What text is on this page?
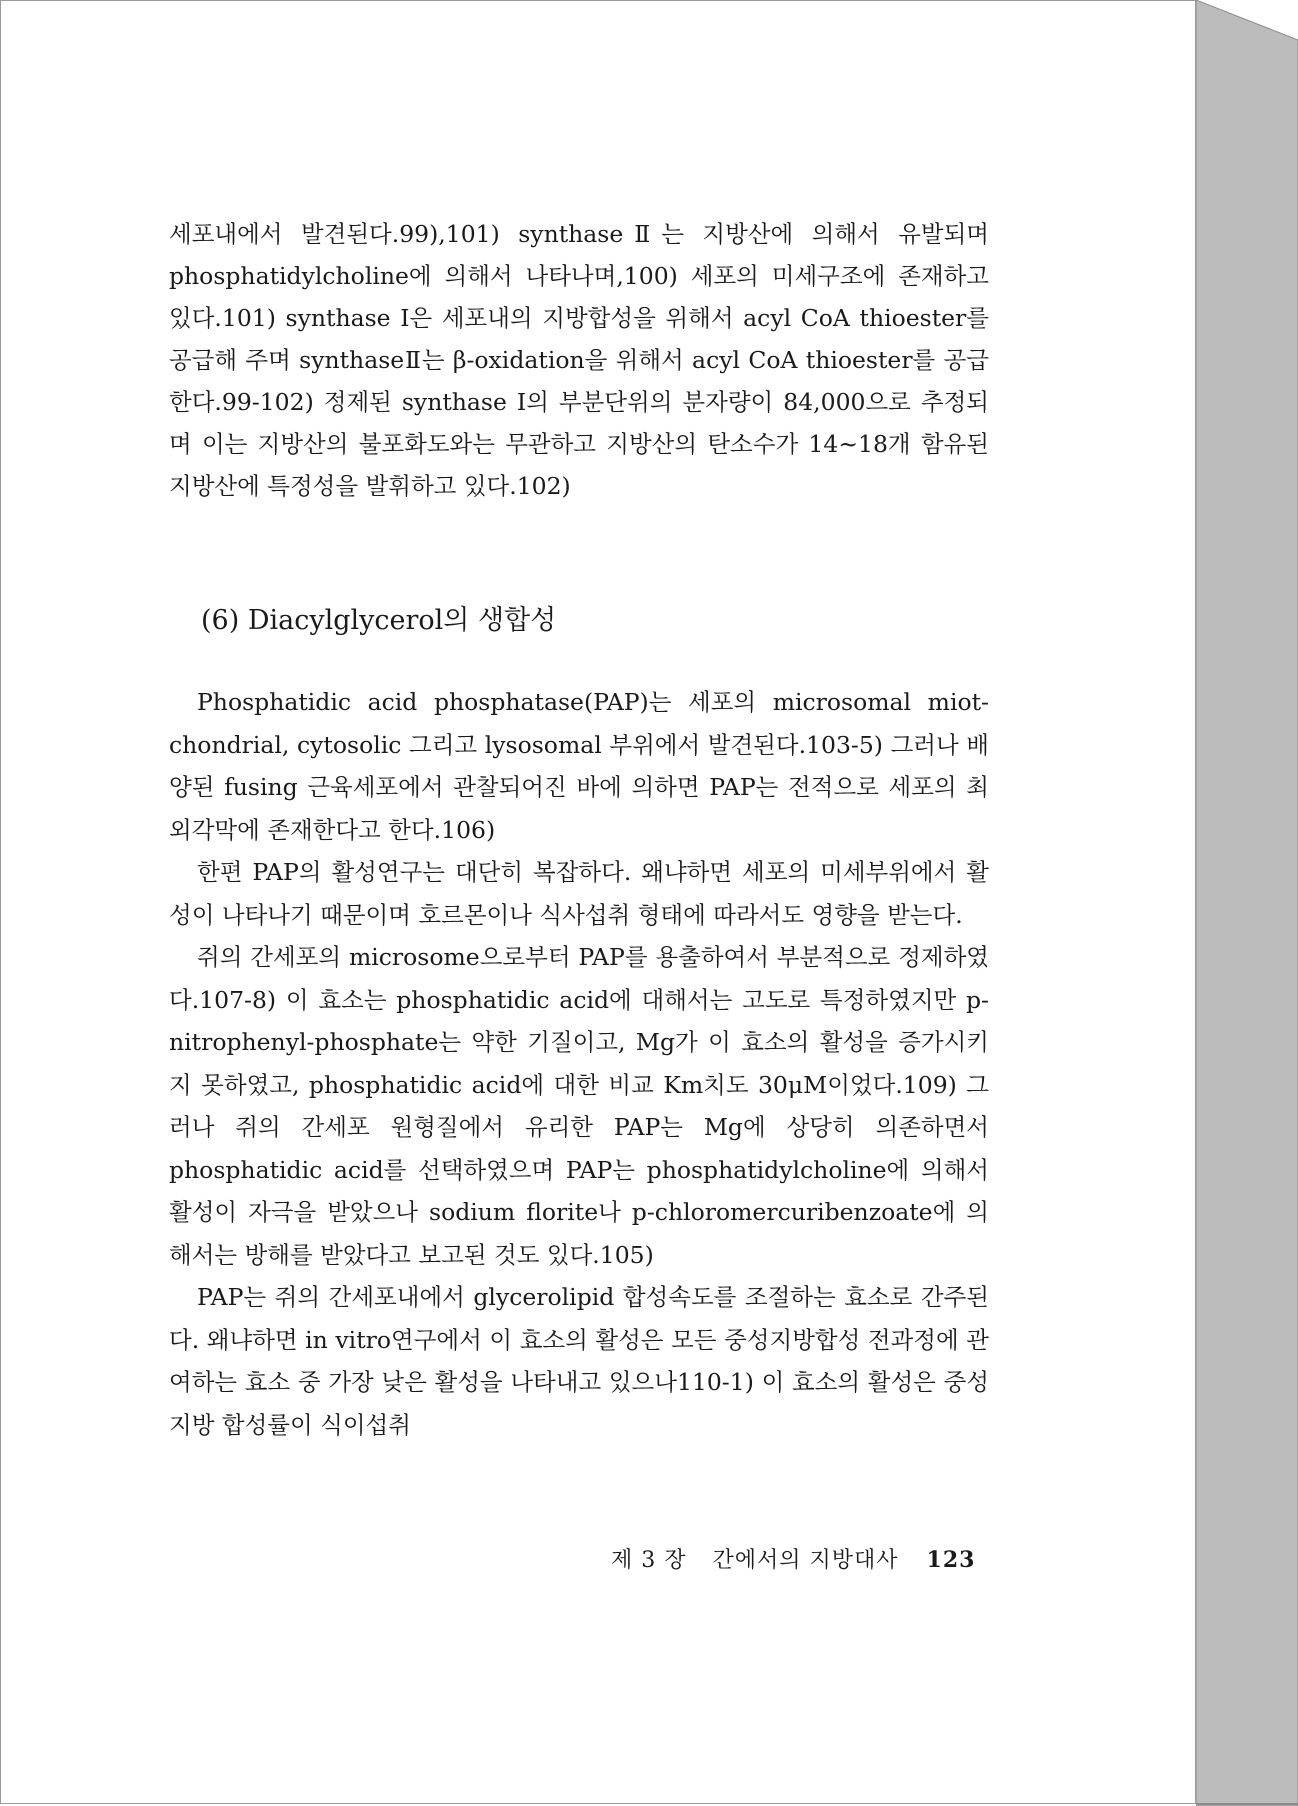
세포내에서 발견된다.99),101) synthaseⅡ는 지방산에 의해서 유발되며 phosphatidylcholine에 의해서 나타나며,100) 세포의 미세구조에 존재하고 있다.101) synthase I은 세포내의 지방합성을 위해서 acyl CoA thioester를 공급해 주며 synthaseⅡ는 β-oxidation을 위해서 acyl CoA thioester를 공급한다.99-102) 정제된 synthase I의 부분단위의 분자량이 84,000으로 추정되며 이는 지방산의 불포화도와는 무관하고 지방산의 탄소수가 14~18개 함유된 지방산에 특정성을 발휘하고 있다.102)

(6) Diacylglycerol의 생합성

Phosphatidic acid phosphatase(PAP)는 세포의 microsomal miot-chondrial, cytosolic 그리고 lysosomal 부위에서 발견된다.103-5) 그러나 배양된 fusing 근육세포에서 관찰되어진 바에 의하면 PAP는 전적으로 세포의 최외각막에 존재한다고 한다.106)

한편 PAP의 활성연구는 대단히 복잡하다. 왜냐하면 세포의 미세부위에서 활성이 나타나기 때문이며 호르몬이나 식사섭취 형태에 따라서도 영향을 받는다.

쥐의 간세포의 microsome으로부터 PAP를 용출하여서 부분적으로 정제하였다.107-8) 이 효소는 phosphatidic acid에 대해서는 고도로 특정하였지만 p-nitrophenyl-phosphate는 약한 기질이고, Mg가 이 효소의 활성을 증가시키지 못하였고, phosphatidic acid에 대한 비교 Km치도 30μM이었다.109) 그러나 쥐의 간세포 원형질에서 유리한 PAP는 Mg에 상당히 의존하면서 phosphatidic acid를 선택하였으며 PAP는 phosphatidylcholine에 의해서 활성이 자극을 받았으나 sodium florite나 p-chloromercuribenzoate에 의해서는 방해를 받았다고 보고된 것도 있다.105)

PAP는 쥐의 간세포내에서 glycerolipid 합성속도를 조절하는 효소로 간주된다. 왜냐하면 in vitro연구에서 이 효소의 활성은 모든 중성지방합성 전과정에 관여하는 효소 중 가장 낮은 활성을 나타내고 있으나110-1) 이 효소의 활성은 중성지방 합성률이 식이섭취

제 3 장 간에서의 지방대사 123
